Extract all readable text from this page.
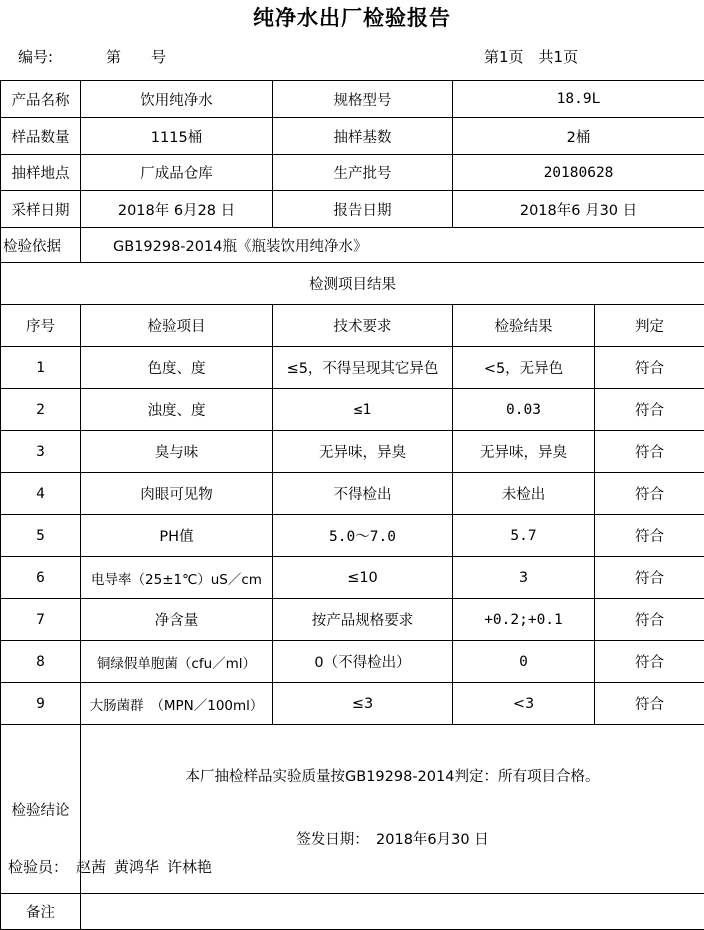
纯净水出厂检验报告
编号:	第　　号	第1页　共1页
产品名称	饮用纯净水	规格型号	18.9L	
样品数量	1115桶	抽样基数	2桶	
抽样地点	厂成品仓库	生产批号	20180628	
采样日期	2018年 6月28 日	报告日期	2018年6 月30 日	
检验依据	GB19298-2014瓶《瓶装饮用纯净水》			
检测项目结果				
序号	检验项目	技术要求	检验结果	判定
1	色度、度	≤5，不得呈现其它异色	<5，无异色	符合
2	浊度、度	≤1	0.03	符合
3	臭与味	无异味，异臭	无异味，异臭	符合
4	肉眼可见物	不得检出	未检出	符合
5	PH值	5.0～7.0	5.7	符合
6	电导率（25±1℃）uS／cm	≤10	3	符合
7	净含量	按产品规格要求	+0.2;+0.1	符合
8	铜绿假单胞菌（cfu／ml）	0（不得检出）	0	符合
9	大肠菌群　（MPN／100ml）	≤3	<3	符合
检验结论	本厂抽检样品实验质量按GB19298-2014判定：所有项目合格。

签发日期：　2018年6月30 日			

备注				
检验员： 赵茜 黄鸿华 许林艳
